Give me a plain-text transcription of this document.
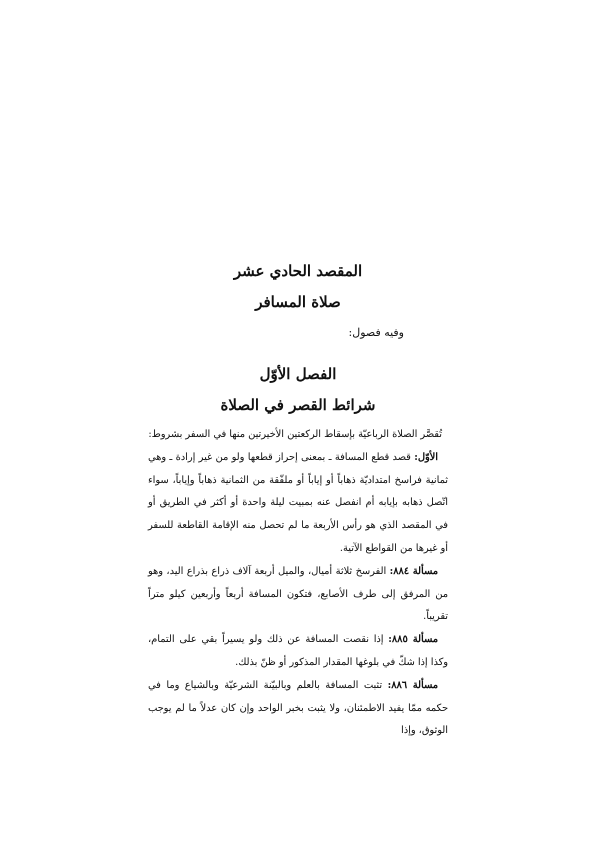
المقصد الحادي عشر
صلاة المسافر
وفيه فصول:
الفصل الأوّل
شرائط القصر في الصلاة

تُقصَّر الصلاة الرباعيّة بإسقاط الركعتين الأخيرتين منها في السفر بشروط:

الأوّل: قصد قطع المسافة ـ بمعنى إحراز قطعها ولو من غير إرادة ـ وهي ثمانية فراسخ امتداديّة ذهاباً أو إياباً أو ملفّقة من الثمانية ذهاباً وإياباً، سواء اتّصل ذهابه بإيابه أم انفصل عنه بمبيت ليلة واحدة أو أكثر في الطريق أو في المقصد الذي هو رأس الأربعة ما لم تحصل منه الإقامة القاطعة للسفر أو غيرها من القواطع الآتية.

مسألة ٨٨٤: الفرسخ ثلاثة أميال، والميل أربعة آلاف ذراع بذراع اليد، وهو من المرفق إلى طرف الأصابع، فتكون المسافة أربعاً وأربعين كيلو متراً تقريباً.

مسألة ٨٨٥: إذا نقصت المسافة عن ذلك ولو يسيراً بقي على التمام، وكذا إذا شكّ في بلوغها المقدار المذكور أو ظنّ بذلك.

مسألة ٨٨٦: تثبت المسافة بالعلم وبالبيّنة الشرعيّة وبالشياع وما في حكمه ممّا يفيد الاطمئنان، ولا يثبت بخبر الواحد وإن كان عدلاً ما لم يوجب الوثوق، وإذا
